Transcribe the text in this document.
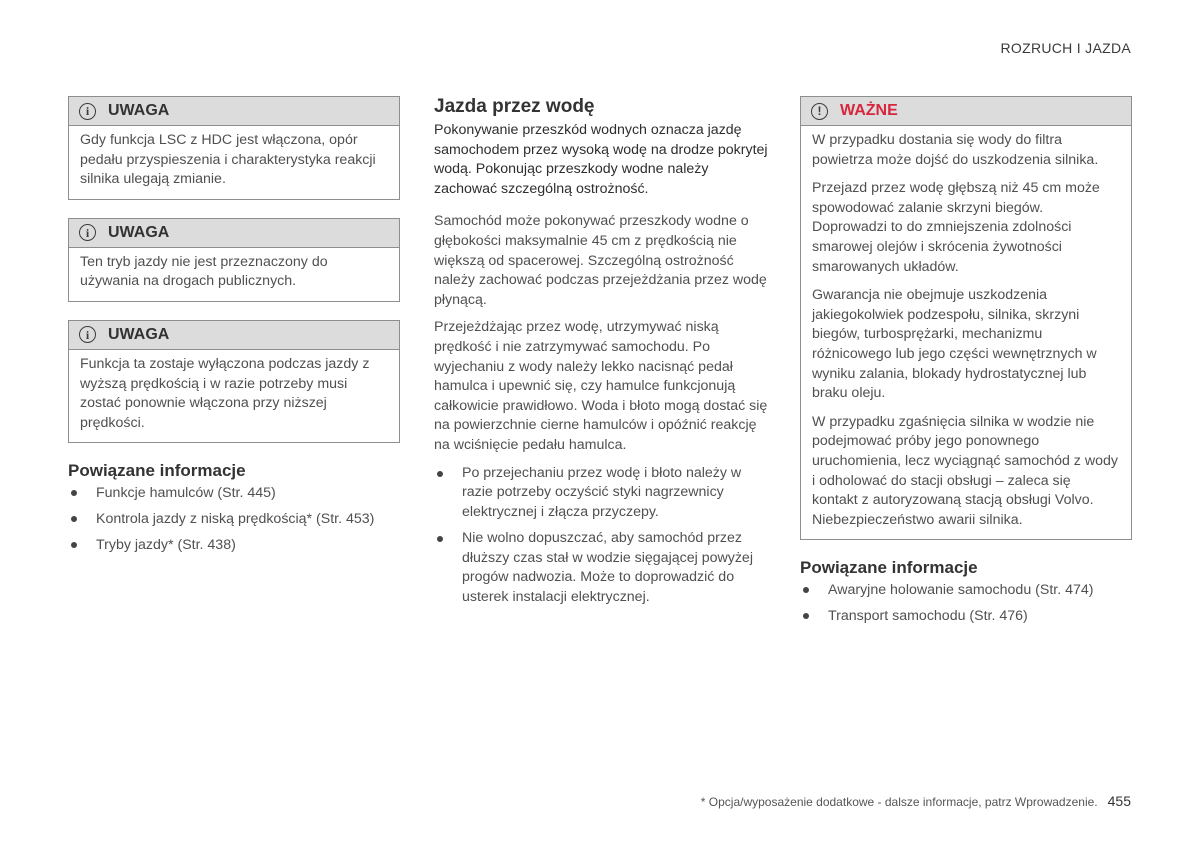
ROZRUCH I JAZDA
i	UWAGA

Gdy funkcja LSC z HDC jest włączona, opór pedału przyspieszenia i charakterystyka reakcji silnika ulegają zmianie.

i	UWAGA

Ten tryb jazdy nie jest przeznaczony do używania na drogach publicznych.

i	UWAGA

Funkcja ta zostaje wyłączona podczas jazdy z wyższą prędkością i w razie potrzeby musi zostać ponownie włączona przy niższej prędkości.

Powiązane informacje
Funkcje hamulców (Str. 445)
Kontrola jazdy z niską prędkością* (Str. 453)
Tryby jazdy* (Str. 438)
Jazda przez wodę

Pokonywanie przeszkód wodnych oznacza jazdę samochodem przez wysoką wodę na drodze pokrytej wodą. Pokonując przeszkody wodne należy zachować szczególną ostrożność.

Samochód może pokonywać przeszkody wodne o głębokości maksymalnie 45 cm z prędkością nie większą od spacerowej. Szczególną ostrożność należy zachować podczas przejeżdżania przez wodę płynącą.

Przejeżdżając przez wodę, utrzymywać niską prędkość i nie zatrzymywać samochodu. Po wyjechaniu z wody należy lekko nacisnąć pedał hamulca i upewnić się, czy hamulce funkcjonują całkowicie prawidłowo. Woda i błoto mogą dostać się na powierzchnie cierne hamulców i opóźnić reakcję na wciśnięcie pedału hamulca.

Po przejechaniu przez wodę i błoto należy w razie potrzeby oczyścić styki nagrzewnicy elektrycznej i złącza przyczepy.
Nie wolno dopuszczać, aby samochód przez dłuższy czas stał w wodzie sięgającej powyżej progów nadwozia. Może to doprowadzić do usterek instalacji elektrycznej.
!	WAŻNE

W przypadku dostania się wody do filtra powietrza może dojść do uszkodzenia silnika.

Przejazd przez wodę głębszą niż 45 cm może spowodować zalanie skrzyni biegów. Doprowadzi to do zmniejszenia zdolności smarowej olejów i skrócenia żywotności smarowanych układów.

Gwarancja nie obejmuje uszkodzenia jakiegokolwiek podzespołu, silnika, skrzyni biegów, turbosprężarki, mechanizmu różnicowego lub jego części wewnętrznych w wyniku zalania, blokady hydrostatycznej lub braku oleju.

W przypadku zgaśnięcia silnika w wodzie nie podejmować próby jego ponownego uruchomienia, lecz wyciągnąć samochód z wody i odholować do stacji obsługi – zaleca się kontakt z autoryzowaną stacją obsługi Volvo. Niebezpieczeństwo awarii silnika.

Powiązane informacje
Awaryjne holowanie samochodu (Str. 474)
Transport samochodu (Str. 476)
* Opcja/wyposażenie dodatkowe - dalsze informacje, patrz Wprowadzenie. 455
